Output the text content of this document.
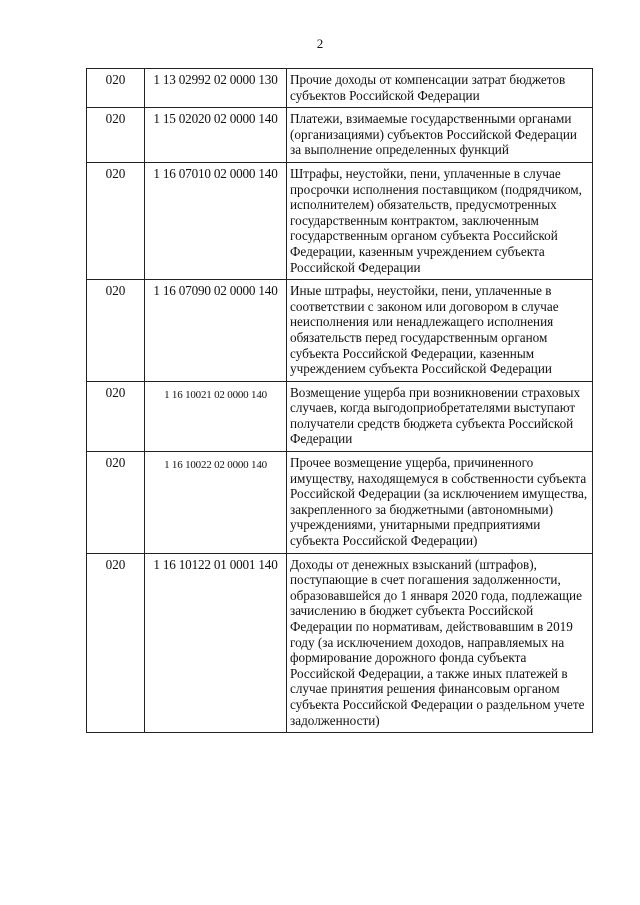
2
020	1 13 02992 02 0000 130	Прочие доходы от компенсации затрат бюджетов субъектов Российской Федерации
020	1 15 02020 02 0000 140	Платежи, взимаемые государственными органами (организациями) субъектов Российской Федерации за выполнение определенных функций
020	1 16 07010 02 0000 140	Штрафы, неустойки, пени, уплаченные в случае просрочки исполнения поставщиком (подрядчиком, исполнителем) обязательств, предусмотренных государственным контрактом, заключенным государственным органом субъекта Российской Федерации, казенным учреждением субъекта Российской Федерации
020	1 16 07090 02 0000 140	Иные штрафы, неустойки, пени, уплаченные в соответствии с законом или договором в случае неисполнения или ненадлежащего исполнения обязательств перед государственным органом субъекта Российской Федерации, казенным учреждением субъекта Российской Федерации
020	1 16 10021 02 0000 140	Возмещение ущерба при возникновении страховых случаев, когда выгодоприобретателями выступают получатели средств бюджета субъекта Российской Федерации
020	1 16 10022 02 0000 140	Прочее возмещение ущерба, причиненного имуществу, находящемуся в собственности субъекта Российской Федерации (за исключением имущества, закрепленного за бюджетными (автономными) учреждениями, унитарными предприятиями субъекта Российской Федерации)
020	1 16 10122 01 0001 140	Доходы от денежных взысканий (штрафов), поступающие в счет погашения задолженности, образовавшейся до 1 января 2020 года, подлежащие зачислению в бюджет субъекта Российской Федерации по нормативам, действовавшим в 2019 году (за исключением доходов, направляемых на формирование дорожного фонда субъекта Российской Федерации, а также иных платежей в случае принятия решения финансовым органом субъекта Российской Федерации о раздельном учете задолженности)
